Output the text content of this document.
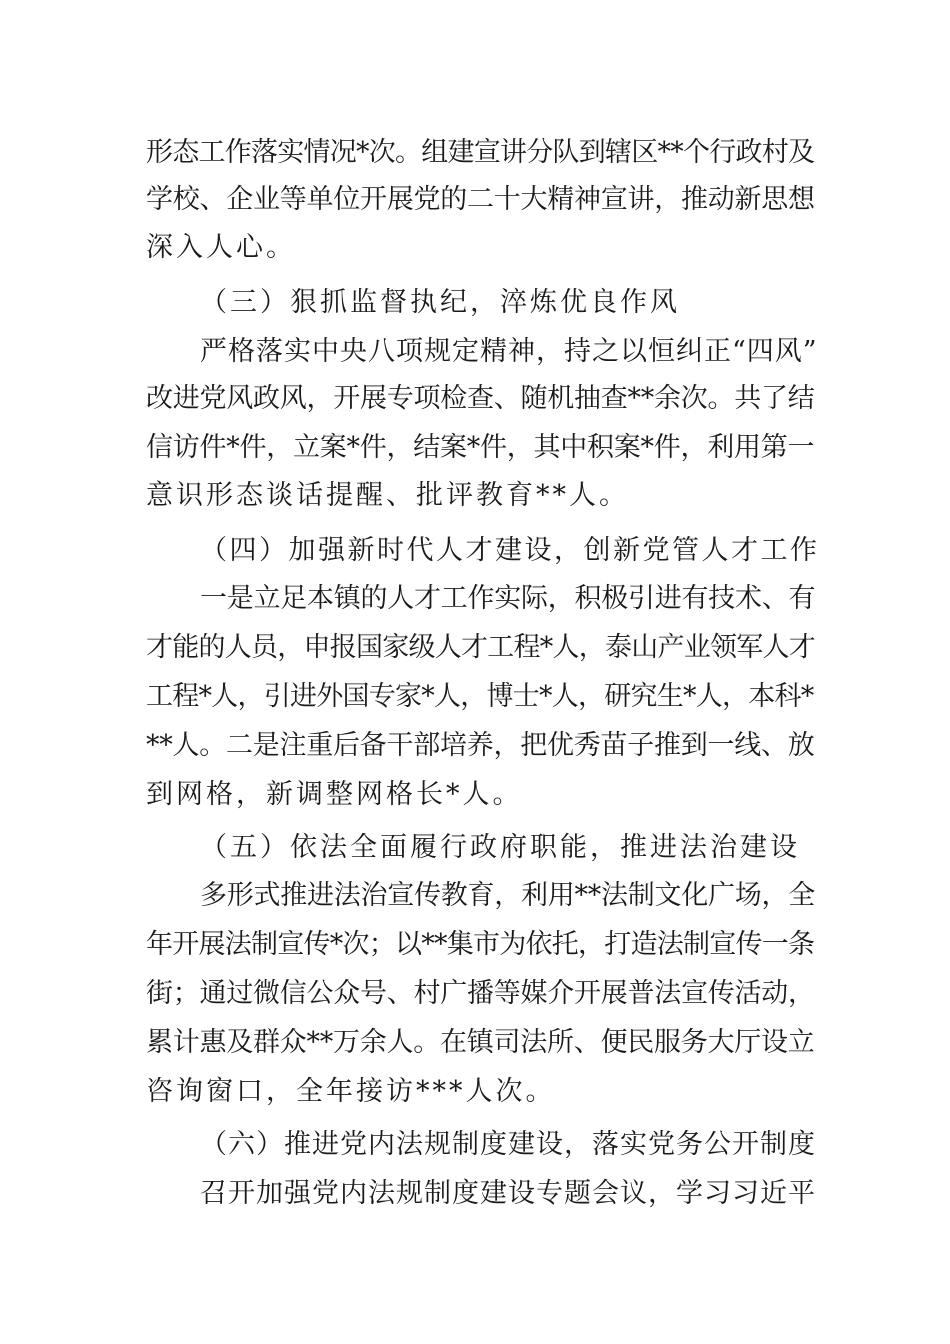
形态工作落实情况*次。组建宣讲分队到辖区**个行政村及
学校、企业等单位开展党的二十大精神宣讲，推动新思想
深入人心。
（三）狠抓监督执纪，淬炼优良作风
严格落实中央八项规定精神，持之以恒纠正“四风”
改进党风政风，开展专项检查、随机抽查**余次。共了结
信访件*件，立案*件，结案*件，其中积案*件，利用第一
意识形态谈话提醒、批评教育**人。
（四）加强新时代人才建设，创新党管人才工作
一是立足本镇的人才工作实际，积极引进有技术、有
才能的人员，申报国家级人才工程*人，泰山产业领军人才
工程*人，引进外国专家*人，博士*人，研究生*人，本科*
**人。二是注重后备干部培养，把优秀苗子推到一线、放
到网格，新调整网格长*人。
（五）依法全面履行政府职能，推进法治建设
多形式推进法治宣传教育，利用**法制文化广场，全
年开展法制宣传*次；以**集市为依托，打造法制宣传一条
街；通过微信公众号、村广播等媒介开展普法宣传活动，
累计惠及群众**万余人。在镇司法所、便民服务大厅设立
咨询窗口，全年接访***人次。
（六）推进党内法规制度建设，落实党务公开制度
召开加强党内法规制度建设专题会议，学习习近平
